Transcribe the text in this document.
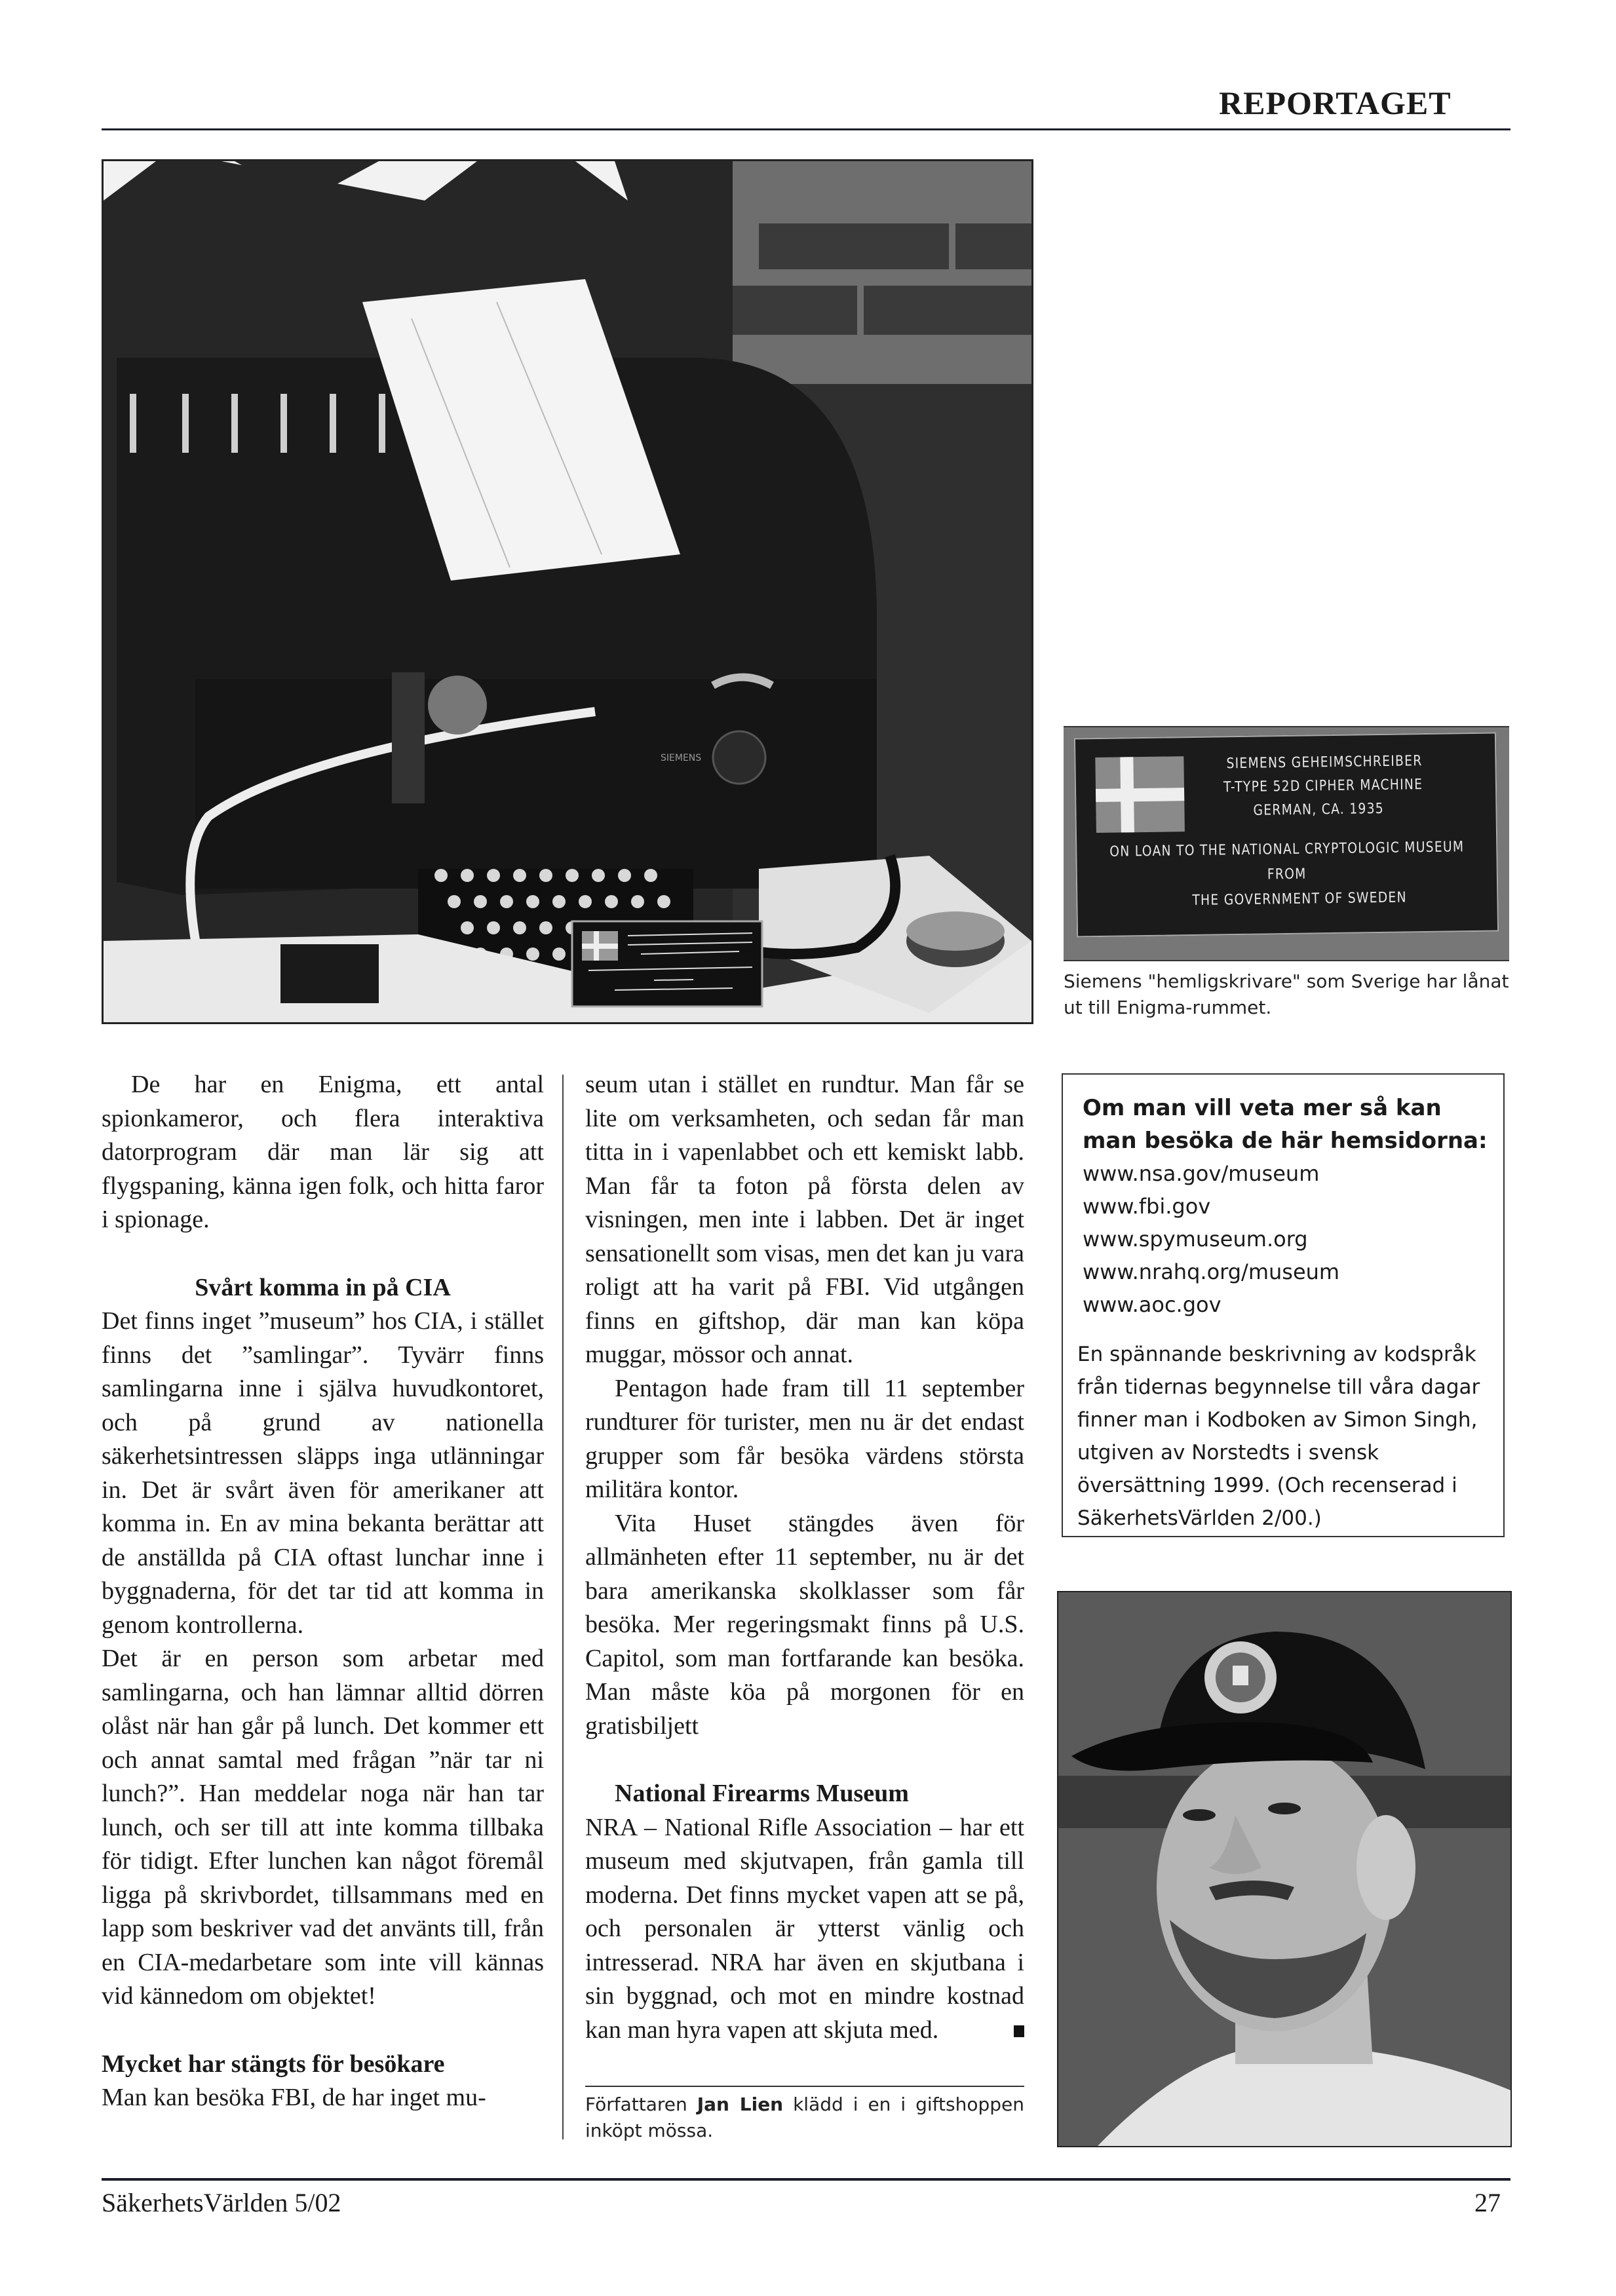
REPORTAGET
SIEMENS	SIEMENS GEHEIMSCHREIBER
T-TYPE 52D CIPHER MACHINE
GERMAN, CA. 1935
ON LOAN TO THE NATIONAL CRYPTOLOGIC MUSEUM
FROM
THE GOVERNMENT OF SWEDEN
Siemens "hemligskrivare" som Sverige har lånat ut till Enigma-rummet.

De har en Enigma, ett antal spionkameror, och flera interaktiva datorprogram där man lär sig att flygspaning, känna igen folk, och hitta faror i spionage.

Svårt komma in på CIA

Det finns inget ”museum” hos CIA, i stället finns det ”samlingar”. Tyvärr finns samlingarna inne i själva huvudkontoret, och på grund av nationella säkerhetsintressen släpps inga utlänningar in. Det är svårt även för amerikaner att komma in. En av mina bekanta berättar att de anställda på CIA oftast lunchar inne i byggnaderna, för det tar tid att komma in genom kontrollerna.

Det är en person som arbetar med samlingarna, och han lämnar alltid dörren olåst när han går på lunch. Det kommer ett och annat samtal med frågan ”när tar ni lunch?”. Han meddelar noga när han tar lunch, och ser till att inte komma tillbaka för tidigt. Efter lunchen kan något föremål ligga på skrivbordet, tillsammans med en lapp som beskriver vad det använts till, från en CIA-medarbetare som inte vill kännas vid kännedom om objektet!

Mycket har stängts för besökare

Man kan besöka FBI, de har inget mu-

seum utan i stället en rundtur. Man får se lite om verksamheten, och sedan får man titta in i vapenlabbet och ett kemiskt labb. Man får ta foton på första delen av visningen, men inte i labben. Det är inget sensationellt som visas, men det kan ju vara roligt att ha varit på FBI. Vid utgången finns en giftshop, där man kan köpa muggar, mössor och annat.

Pentagon hade fram till 11 september rundturer för turister, men nu är det endast grupper som får besöka värdens största militära kontor.

Vita Huset stängdes även för allmänheten efter 11 september, nu är det bara amerikanska skolklasser som får besöka. Mer regeringsmakt finns på U.S. Capitol, som man fortfarande kan besöka. Man måste köa på morgonen för en gratisbiljett

National Firearms Museum

NRA – National Rifle Association – har ett museum med skjutvapen, från gamla till moderna. Det finns mycket vapen att se på, och personalen är ytterst vänlig och intresserad. NRA har även en skjutbana i sin byggnad, och mot en mindre kostnad kan man hyra vapen att skjuta med.

Författaren Jan Lien klädd i en i giftshoppen inköpt mössa.
Om man vill veta mer så kan man besöka de här hemsidorna:
www.nsa.gov/museum
www.fbi.gov
www.spymuseum.org
www.nrahq.org/museum
www.aoc.gov
En spännande beskrivning av kodspråk från tidernas begynnelse till våra dagar finner man i Kodboken av Simon Singh, utgiven av Norstedts i svensk översättning 1999. (Och recenserad i SäkerhetsVärlden 2/00.)
SäkerhetsVärlden 5/02	27
